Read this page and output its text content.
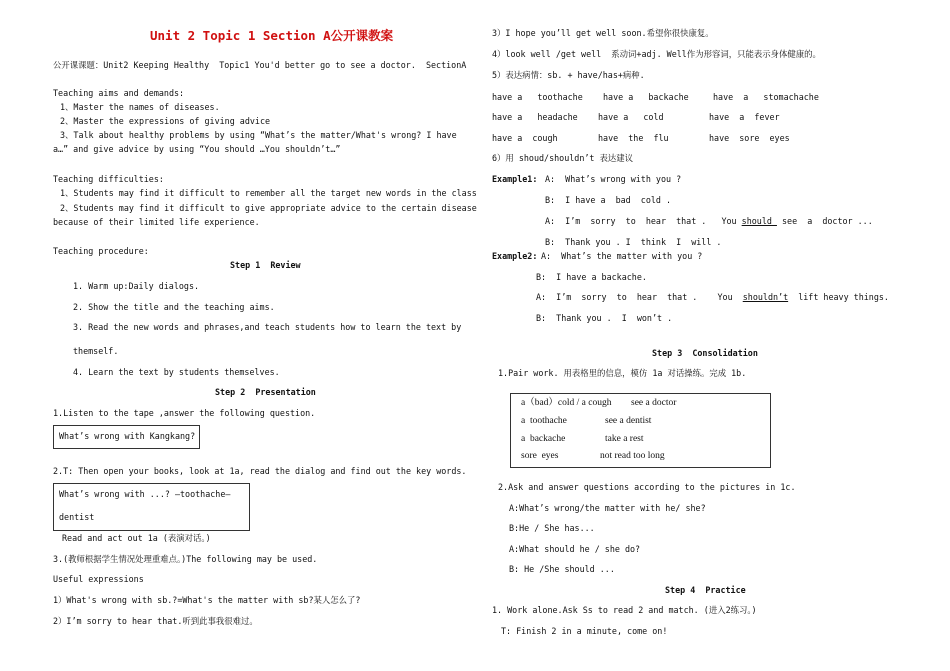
Unit 2 Topic 1 Section A公开课教案
公开课课题：Unit2 Keeping Healthy  Topic1 You'd better go to see a doctor.  SectionA
Teaching aims and demands:
1、Master the names of diseases.
2、Master the expressions of giving advice
3、Talk about healthy problems by using “What’s the matter/What's wrong? I have
a…” and give advice by using “You should …You shouldn’t…”
Teaching difficulties:
1、Students may find it difficult to remember all the target new words in the class
2、Students may find it difficult to give appropriate advice to the certain disease
because of their limited life experience.
Teaching procedure:
Step 1  Review
1. Warm up:Daily dialogs.
2. Show the title and the teaching aims.
3. Read the new words and phrases,and teach students how to learn the text by
themself.
4. Learn the text by students themselves.
Step 2  Presentation
1.Listen to the tape ,answer the following question.
What’s wrong with Kangkang?
2.T: Then open your books, look at 1a, read the dialog and find out the key words.
What’s wrong with ...? —toothache—
dentist
Read and act out 1a (表演对话。)
3.(教师根据学生情况处理重难点。)The following may be used.
Useful expressions
1）What's wrong with sb.?=What's the matter with sb?某人怎么了?
2）I’m sorry to hear that.听到此事我很难过。
3）I hope you’ll get well soon.希望你很快康复。
4）look well /get well  系动词+adj. Well作为形容词，只能表示身体健康的。
5）表达病情：sb. + have/has+病种.
have a   toothache have a   backache	have  a   stomachache
have a   headache have a   cold	have  a  fever
have a  cough	have  the  flu	have  sore  eyes
6）用 shoud/shouldn’t 表达建议
Example1: A:  What’s wrong with you ?
B:  I have a  bad  cold .
A:  I’m  sorry  to  hear  that .   You should  see  a  doctor ...
B:  Thank you . I  think  I  will .
Example2: A:  What’s the matter with you ?
B:  I have a backache.
A:  I’m  sorry  to  hear  that .    You  shouldn’t  lift heavy things.
B:  Thank you .  I  won’t .
Step 3  Consolidation
1.Pair work. 用表格里的信息，模仿 1a 对话操练。完成 1b.
a（bad）cold / a cough see a doctor
a  toothache	see a dentist
a  backache	take a rest
sore  eyes	not read too long
2.Ask and answer questions according to the pictures in 1c.
A:What’s wrong/the matter with he/ she?
B:He / She has...
A:What should he / she do?
B: He /She should ...
Step 4  Practice
1. Work alone.Ask Ss to read 2 and match. (进入2练习。)
T: Finish 2 in a minute, come on!
